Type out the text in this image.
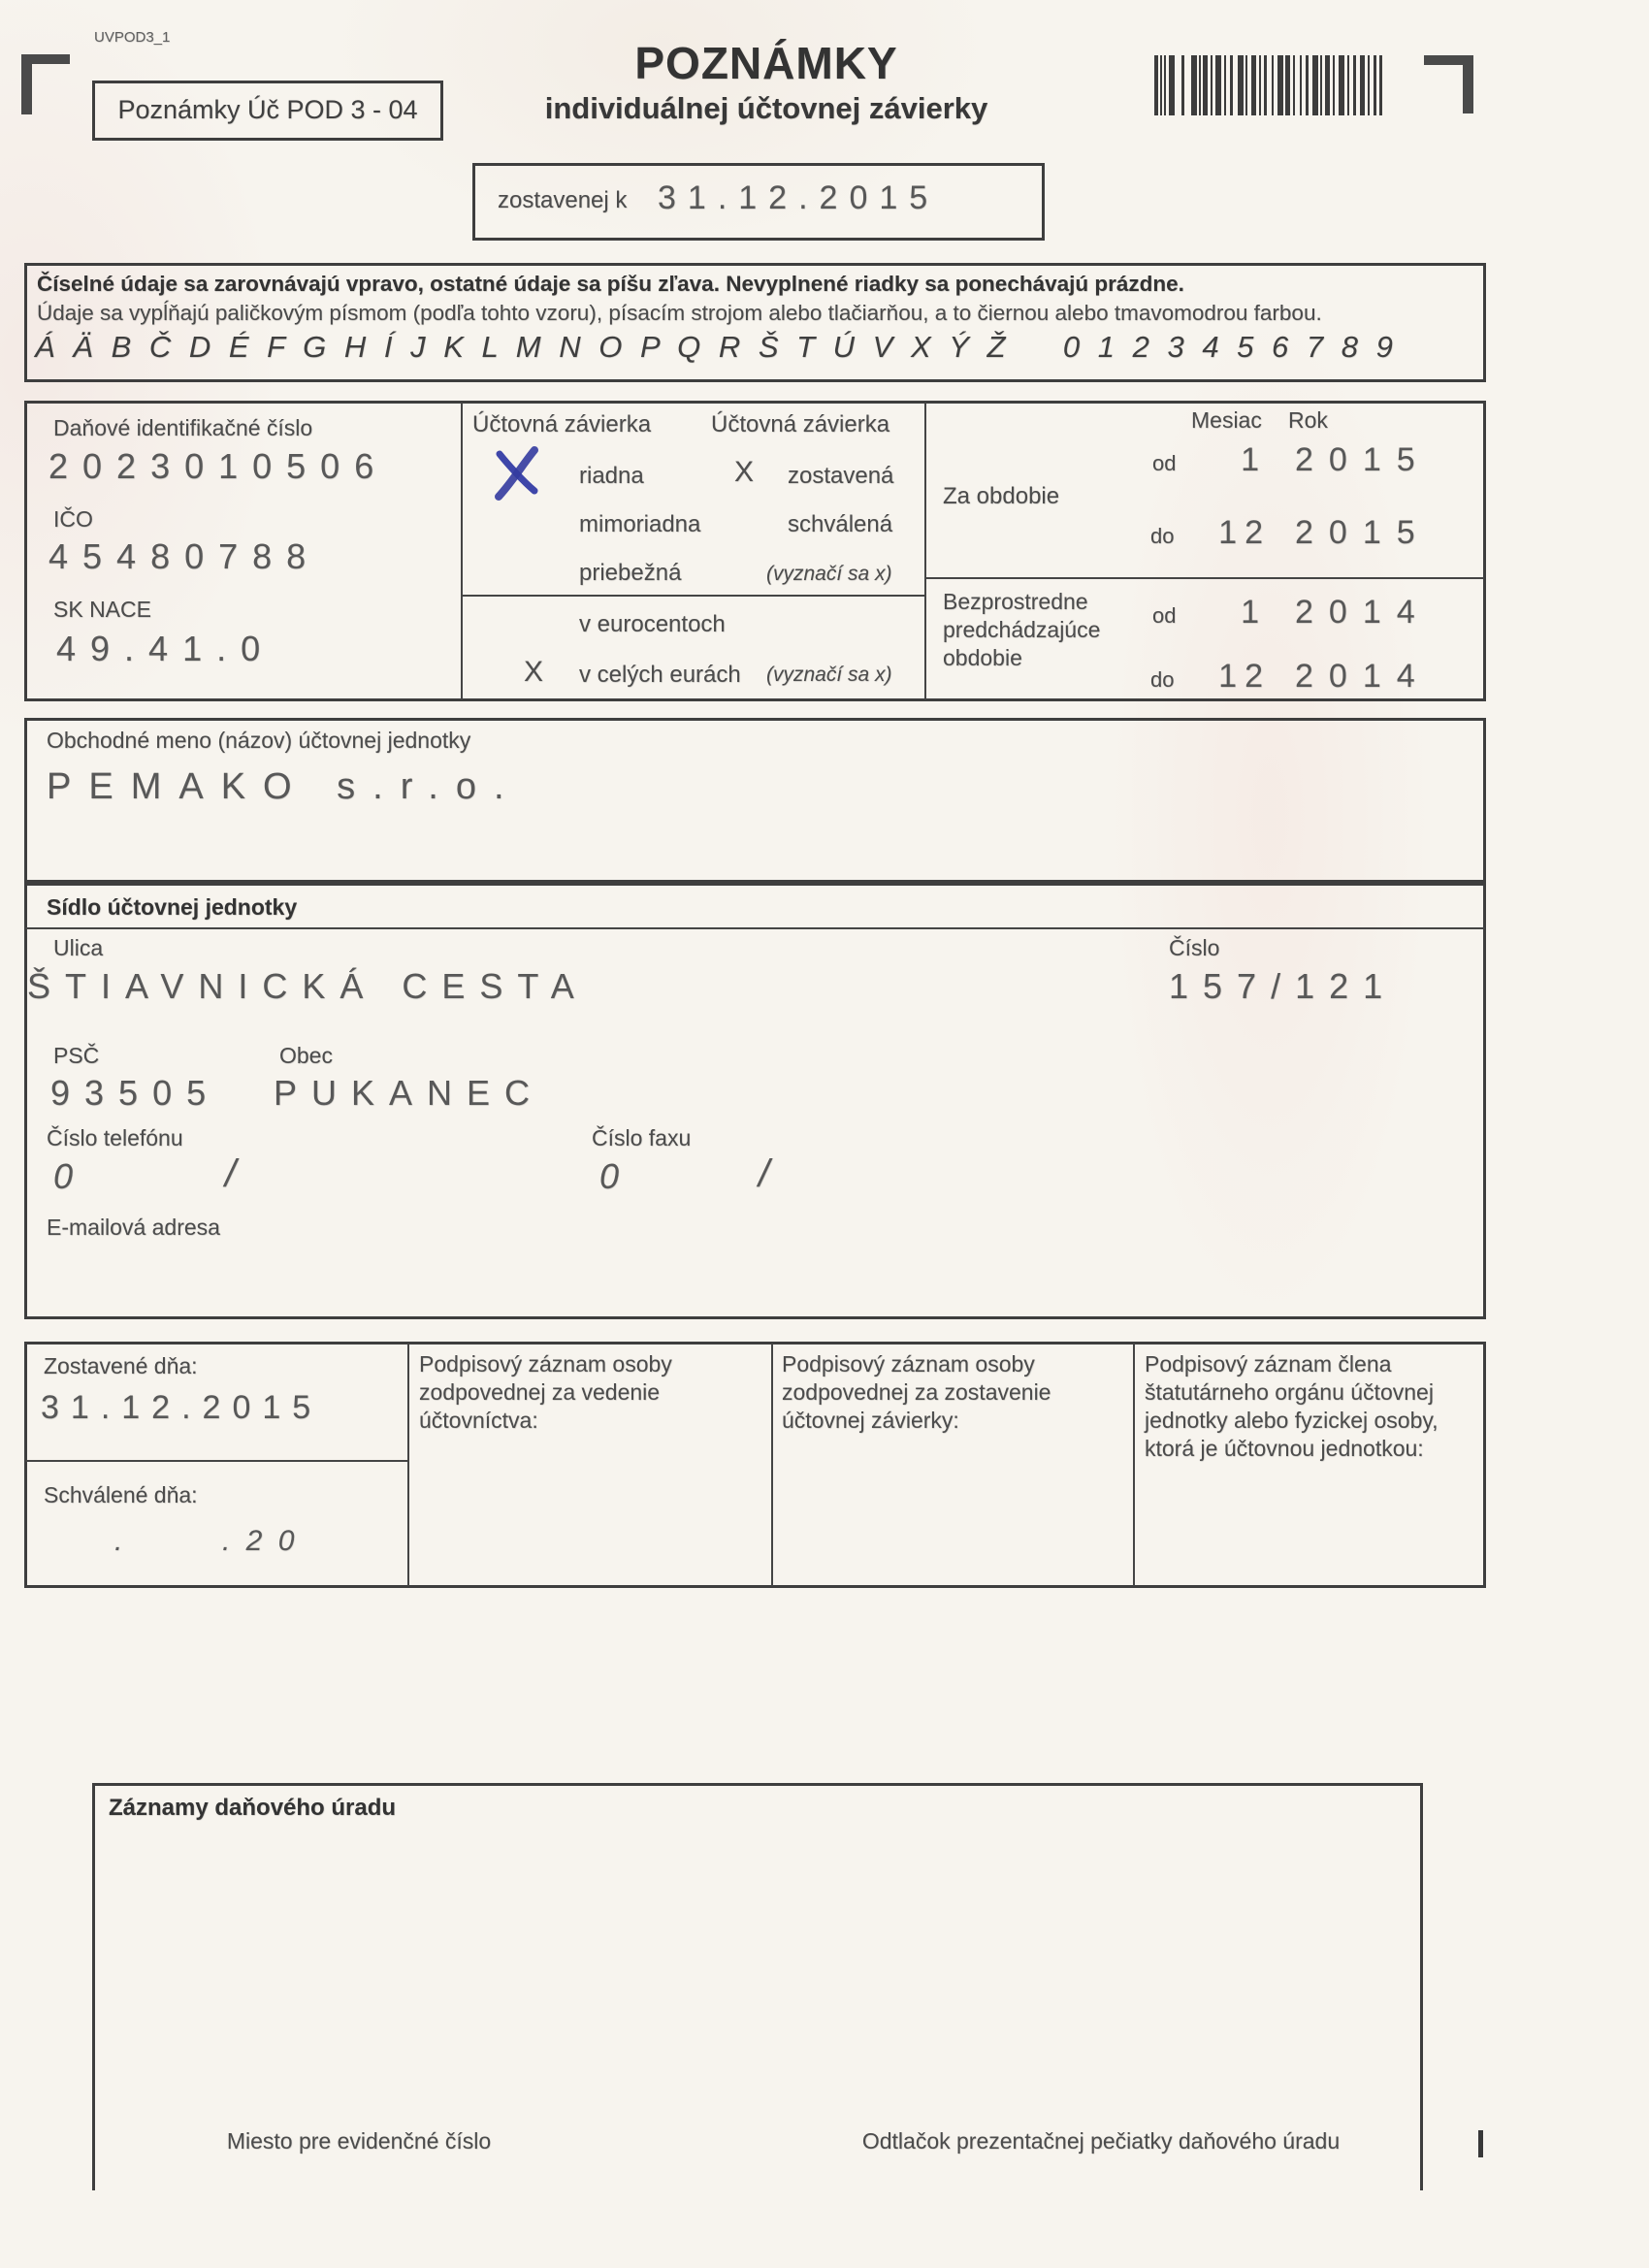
UVPOD3_1
Poznámky Úč POD 3 - 04
POZNÁMKY
individuálnej účtovnej závierky
zostavenej k 31.12.2015
Číselné údaje sa zarovnávajú vpravo, ostatné údaje sa píšu zľava. Nevyplnené riadky sa ponechávajú prázdne.
Údaje sa vypĺňajú paličkovým písmom (podľa tohto vzoru), písacím strojom alebo tlačiarňou, a to čiernou alebo tmavomodrou farbou.
Á Ä B Č D É F G H Í J K L M N O P Q R Š T Ú V X Ý Ž    0 1 2 3 4 5 6 7 8 9
Daňové identifikačné číslo
2023010506
IČO
45480788
SK NACE
49.41.0
Účtovná závierka	Účtovná závierka
riadna	X zostavená
mimoriadna	schválená
priebežná	(vyznačí sa x)
v eurocentoch
X v celých eurách (vyznačí sa x)
Mesiac Rok
Za obdobie
od	1 2015
do	12 2015
Bezprostredne predchádzajúce obdobie
od	1 2014
do	12 2014
Obchodné meno (názov) účtovnej jednotky
PEMAKO s.r.o.
Sídlo účtovnej jednotky
Ulica
ŠTIAVNICKÁ CESTA
Číslo
157/121
PSČ	Obec
93505 PUKANEC
Číslo telefónu
0	/
Číslo faxu
0	/
E-mailová adresa
Zostavené dňa:
31.12.2015
Schválené dňa:
.        . 2 0
Podpisový záznam osoby zodpovednej za vedenie účtovníctva:
Podpisový záznam osoby zodpovednej za zostavenie účtovnej závierky:
Podpisový záznam člena štatutárneho orgánu účtovnej jednotky alebo fyzickej osoby, ktorá je účtovnou jednotkou:
Záznamy daňového úradu
Miesto pre evidenčné číslo	Odtlačok prezentačnej pečiatky daňového úradu
